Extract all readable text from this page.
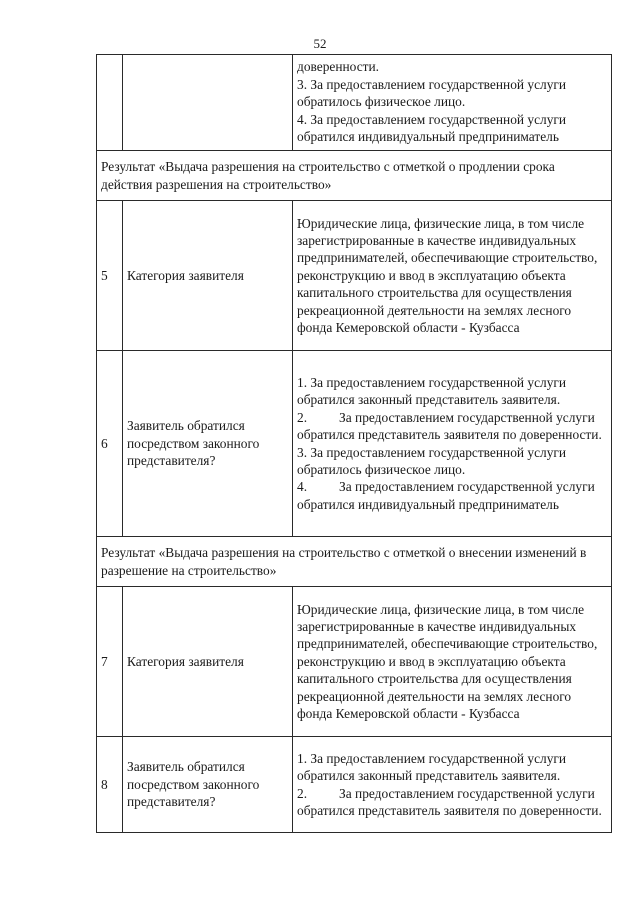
52

		доверенности.
3. За предоставлением государственной услуги обратилось физическое лицо.
4. За предоставлением государственной услуги обратился индивидуальный предприниматель

Результат «Выдача разрешения на строительство с отметкой о продлении срока действия разрешения на строительство»		
5	Категория заявителя	Юридические лица, физические лица, в том числе зарегистрированные в качестве индивидуальных предпринимателей, обеспечивающие строительство, реконструкцию и ввод в эксплуатацию объекта капитального строительства для осуществления рекреационной деятельности на землях лесного фонда Кемеровской области - Кузбасса
6	Заявитель обратился посредством законного представителя?	1. За предоставлением государственной услуги обратился законный представитель заявителя.
2. За предоставлением государственной услуги обратился представитель заявителя по доверенности.
3. За предоставлением государственной услуги обратилось физическое лицо.
4. За предоставлением государственной услуги обратился индивидуальный предприниматель

Результат «Выдача разрешения на строительство с отметкой о внесении изменений в разрешение на строительство»		
7	Категория заявителя	Юридические лица, физические лица, в том числе зарегистрированные в качестве индивидуальных предпринимателей, обеспечивающие строительство, реконструкцию и ввод в эксплуатацию объекта капитального строительства для осуществления рекреационной деятельности на землях лесного фонда Кемеровской области - Кузбасса
8	Заявитель обратился посредством законного представителя?	1. За предоставлением государственной услуги обратился законный представитель заявителя.
2. За предоставлением государственной услуги обратился представитель заявителя по доверенности.
